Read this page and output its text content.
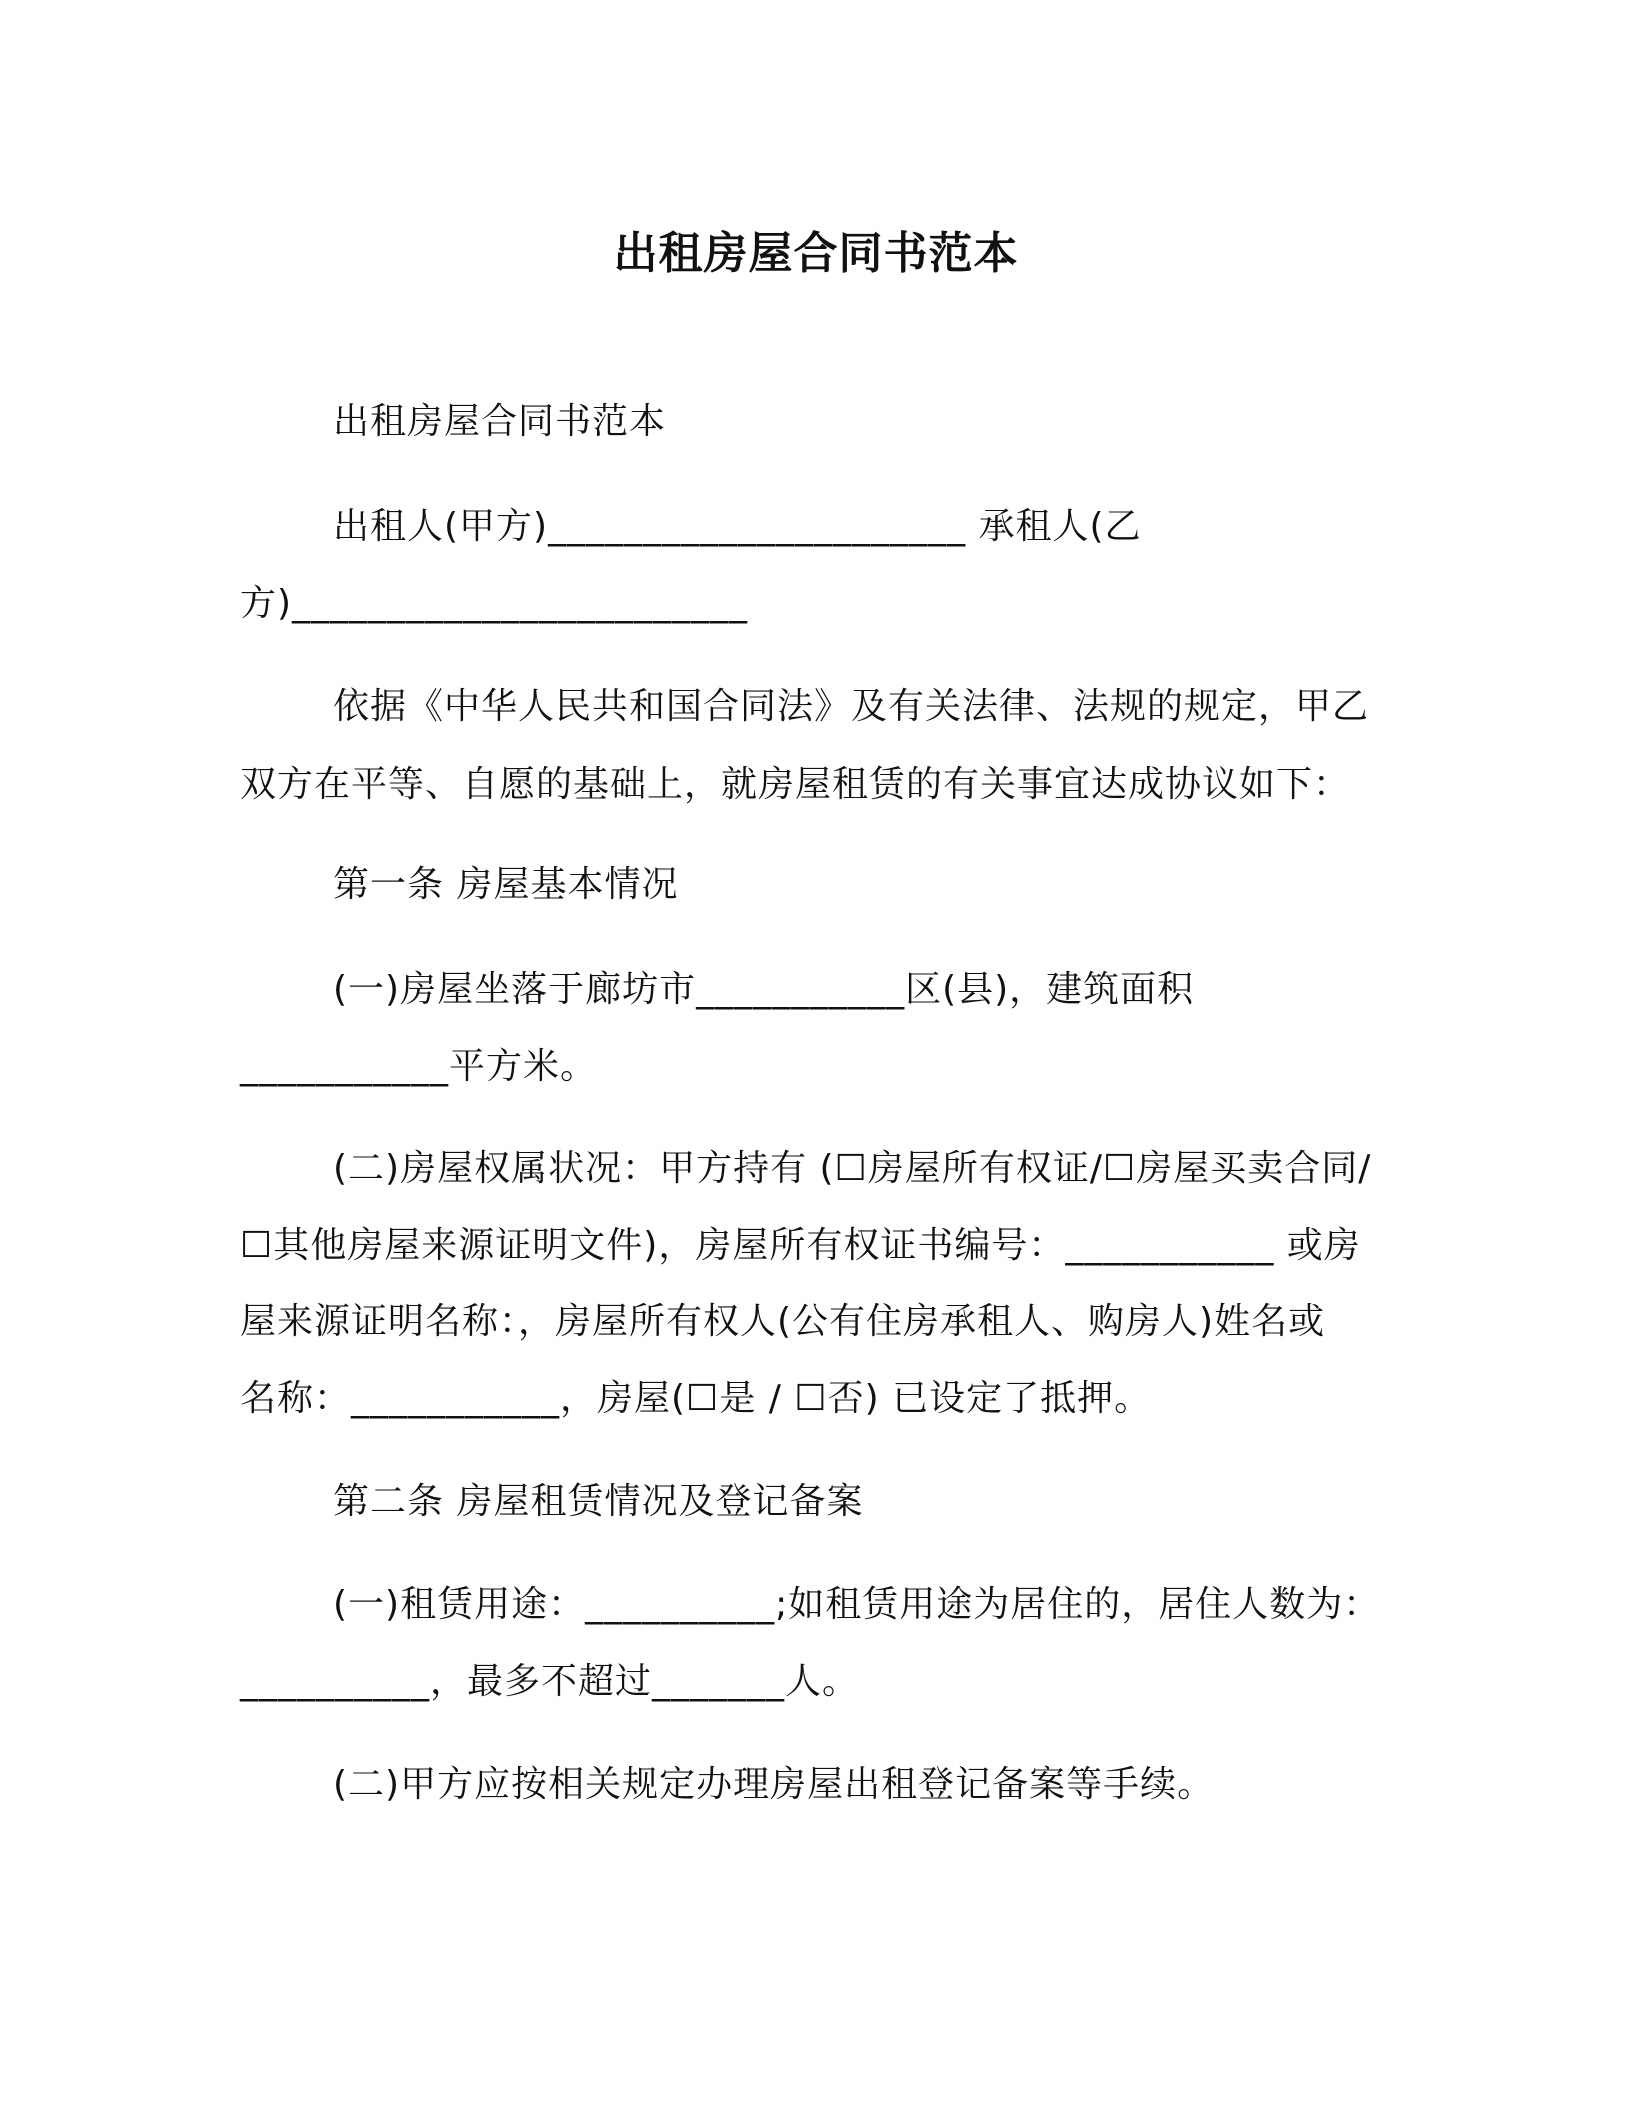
出租房屋合同书范本

出租房屋合同书范本

出租人(甲方)______________________ 承租人(乙

方)________________________

依据《中华人民共和国合同法》及有关法律、法规的规定，甲乙

双方在平等、自愿的基础上，就房屋租赁的有关事宜达成协议如下：

第一条 房屋基本情况

(一)房屋坐落于廊坊市___________区(县)，建筑面积

___________平方米。

(二)房屋权属状况：甲方持有 (☐房屋所有权证/☐房屋买卖合同/

☐其他房屋来源证明文件)，房屋所有权证书编号：___________ 或房

屋来源证明名称：，房屋所有权人(公有住房承租人、购房人)姓名或

名称：___________，房屋(☐是 / ☐否) 已设定了抵押。

第二条 房屋租赁情况及登记备案

(一)租赁用途：__________;如租赁用途为居住的，居住人数为：

__________，最多不超过_______人。

(二)甲方应按相关规定办理房屋出租登记备案等手续。
